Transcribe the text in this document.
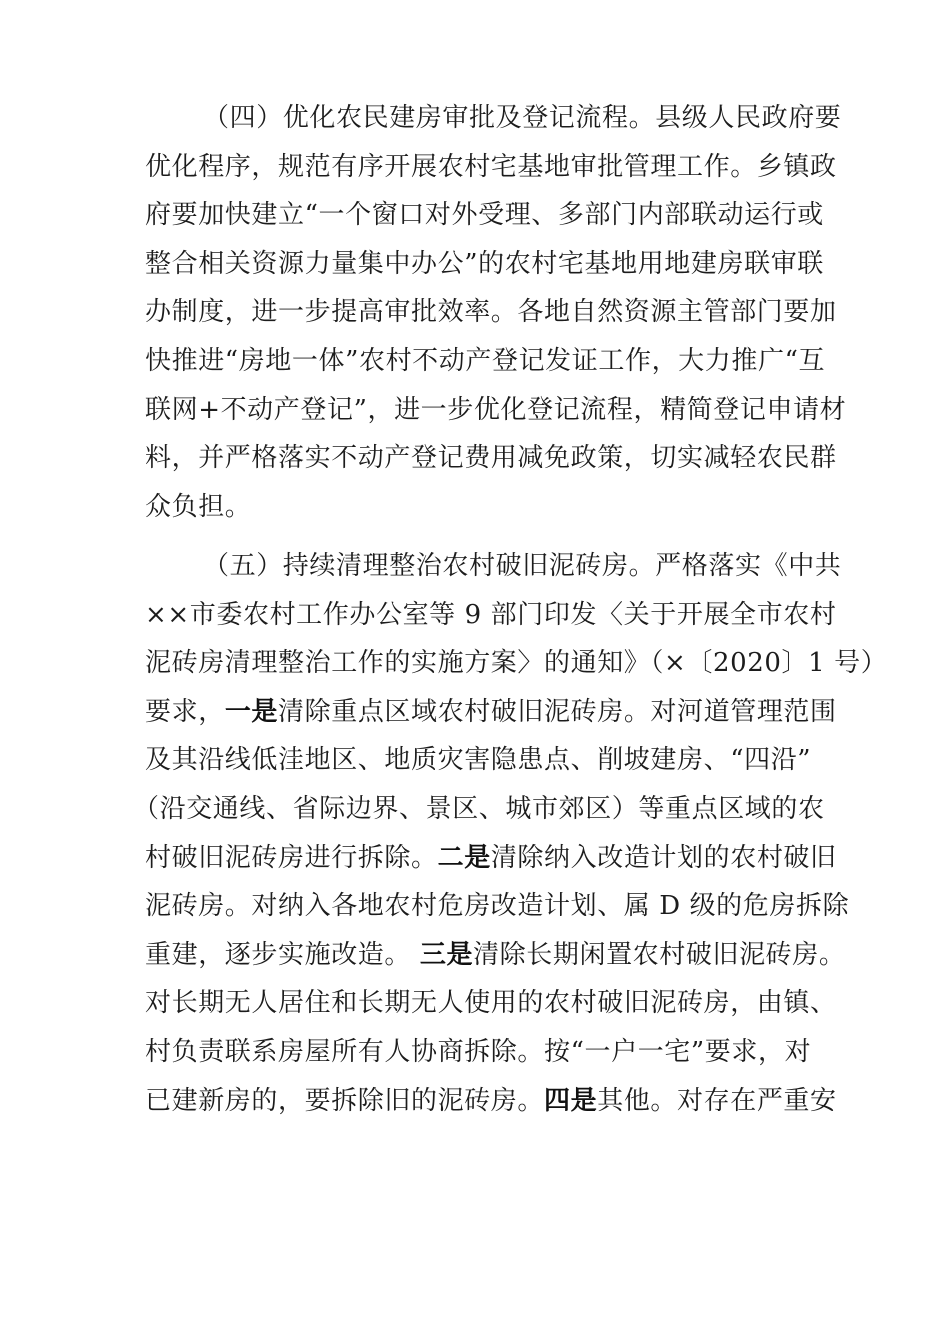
（四）优化农民建房审批及登记流程。县级人民政府要
优化程序，规范有序开展农村宅基地审批管理工作。乡镇政
府要加快建立“一个窗口对外受理、多部门内部联动运行或
整合相关资源力量集中办公”的农村宅基地用地建房联审联
办制度，进一步提高审批效率。各地自然资源主管部门要加
快推进“房地一体”农村不动产登记发证工作，大力推广“互
联网+不动产登记”，进一步优化登记流程，精简登记申请材
料，并严格落实不动产登记费用减免政策，切实减轻农民群
众负担。
（五）持续清理整治农村破旧泥砖房。严格落实《中共
××市委农村工作办公室等 9 部门印发〈关于开展全市农村
泥砖房清理整治工作的实施方案〉的通知》（×〔2020〕1 号）
要求，一是清除重点区域农村破旧泥砖房。对河道管理范围
及其沿线低洼地区、地质灾害隐患点、削坡建房、“四沿”
（沿交通线、省际边界、景区、城市郊区）等重点区域的农
村破旧泥砖房进行拆除。二是清除纳入改造计划的农村破旧
泥砖房。对纳入各地农村危房改造计划、属 D 级的危房拆除
重建，逐步实施改造。 三是清除长期闲置农村破旧泥砖房。
对长期无人居住和长期无人使用的农村破旧泥砖房，由镇、
村负责联系房屋所有人协商拆除。按“一户一宅”要求，对
已建新房的，要拆除旧的泥砖房。四是其他。对存在严重安
